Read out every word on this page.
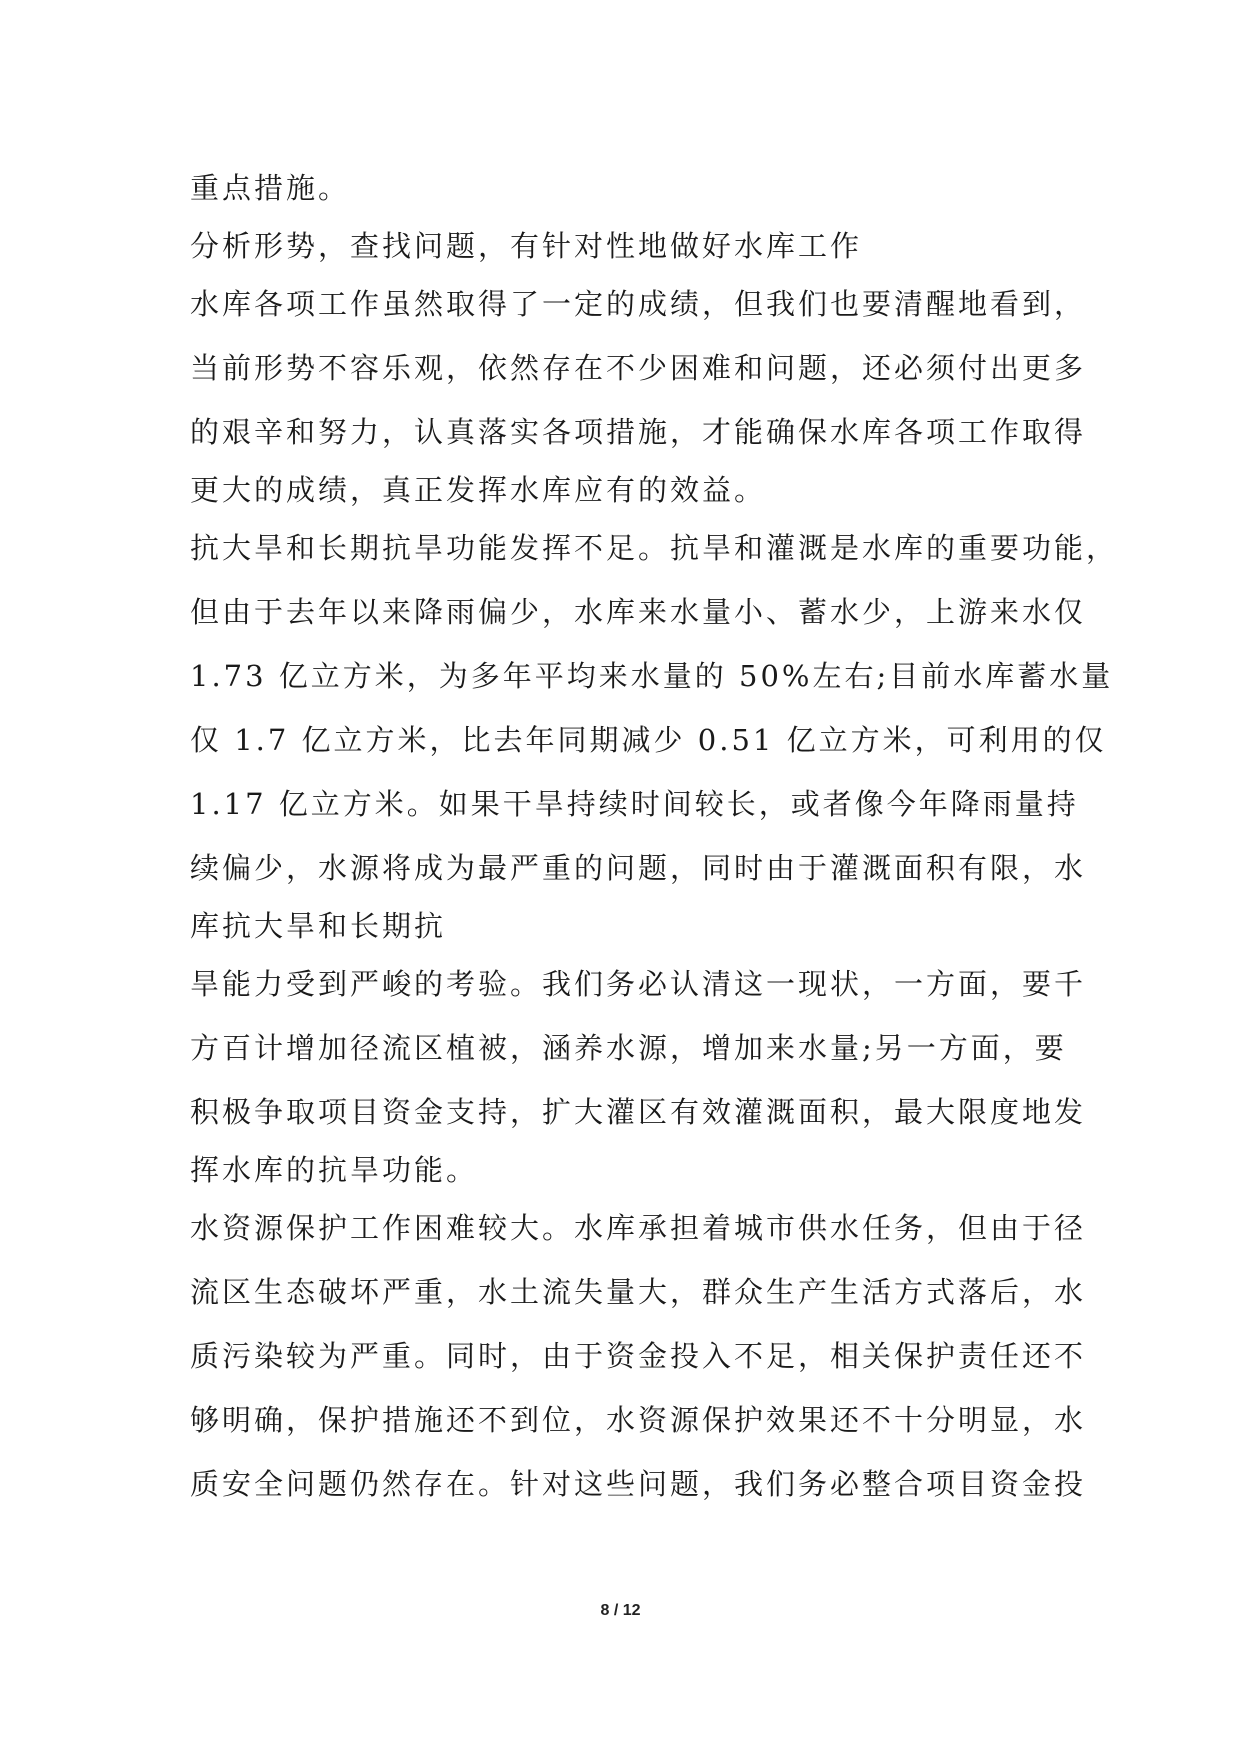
重点措施。
分析形势，查找问题，有针对性地做好水库工作
水库各项工作虽然取得了一定的成绩，但我们也要清醒地看到，
当前形势不容乐观，依然存在不少困难和问题，还必须付出更多
的艰辛和努力，认真落实各项措施，才能确保水库各项工作取得
更大的成绩，真正发挥水库应有的效益。
抗大旱和长期抗旱功能发挥不足。抗旱和灌溉是水库的重要功能，
但由于去年以来降雨偏少，水库来水量小、蓄水少，上游来水仅
1.73 亿立方米，为多年平均来水量的 50%左右;目前水库蓄水量
仅 1.7 亿立方米，比去年同期减少 0.51 亿立方米，可利用的仅
1.17 亿立方米。如果干旱持续时间较长，或者像今年降雨量持
续偏少，水源将成为最严重的问题，同时由于灌溉面积有限，水
库抗大旱和长期抗
旱能力受到严峻的考验。我们务必认清这一现状，一方面，要千
方百计增加径流区植被，涵养水源，增加来水量;另一方面，要
积极争取项目资金支持，扩大灌区有效灌溉面积，最大限度地发
挥水库的抗旱功能。
水资源保护工作困难较大。水库承担着城市供水任务，但由于径
流区生态破坏严重，水土流失量大，群众生产生活方式落后，水
质污染较为严重。同时，由于资金投入不足，相关保护责任还不
够明确，保护措施还不到位，水资源保护效果还不十分明显，水
质安全问题仍然存在。针对这些问题，我们务必整合项目资金投
8 / 12
